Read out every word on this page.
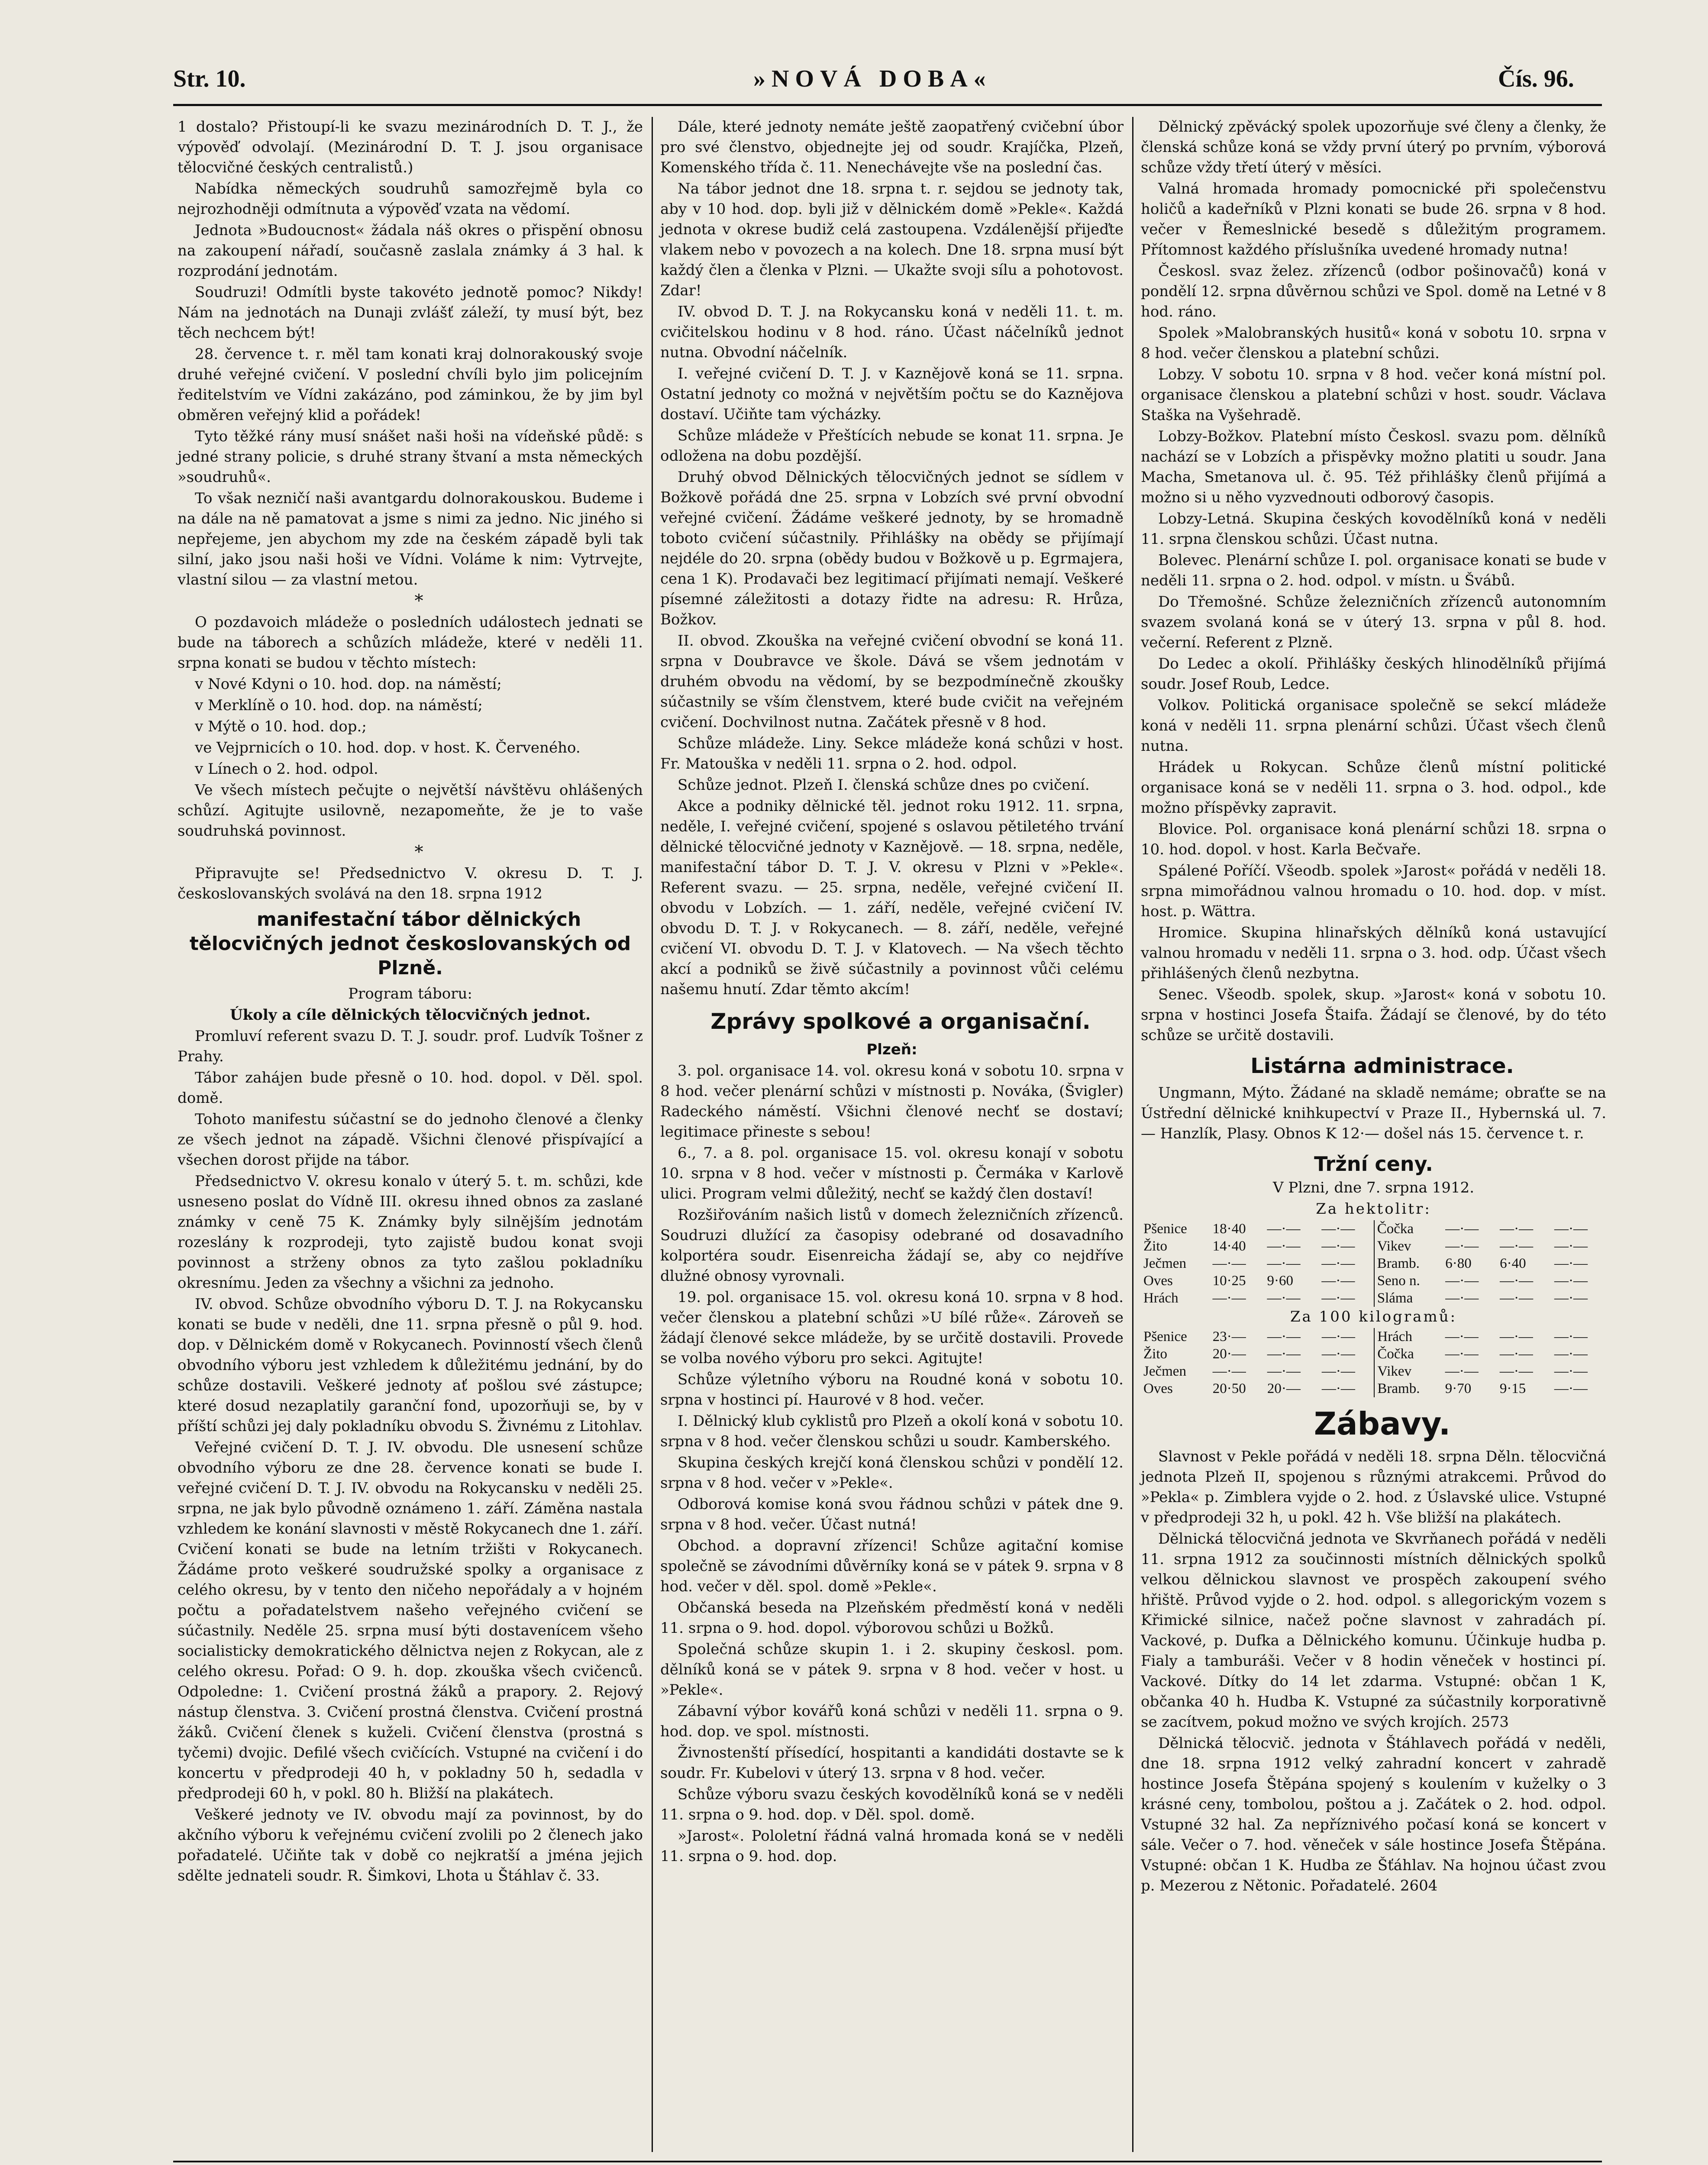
Str. 10.	»NOVÁ DOBA«	Čís. 96.

1 dostalo? Přistoupí-li ke svazu mezinárodních D. T. J., že výpověď odvolají. (Mezinárodní D. T. J. jsou organisace tělocvičné českých centralistů.)

Nabídka německých soudruhů samozřejmě byla co nejrozhodněji odmítnuta a výpověď vzata na vědomí.

Jednota »Budoucnost« žádala náš okres o přispění obnosu na zakoupení nářadí, současně zaslala známky á 3 hal. k rozprodání jednotám.

Soudruzi! Odmítli byste takovéto jednotě pomoc? Nikdy! Nám na jednotách na Dunaji zvlášť záleží, ty musí být, bez těch nechcem být!

28. července t. r. měl tam konati kraj dolnorakouský svoje druhé veřejné cvičení. V poslední chvíli bylo jim policejním ředitelstvím ve Vídni zakázáno, pod záminkou, že by jim byl obměren veřejný klid a pořádek!

Tyto těžké rány musí snášet naši hoši na vídeňské půdě: s jedné strany policie, s druhé strany štvaní a msta německých »soudruhů«.

To však nezničí naši avantgardu dolnorakouskou. Budeme i na dále na ně pamatovat a jsme s nimi za jedno. Nic jiného si nepřejeme, jen abychom my zde na českém západě byli tak silní, jako jsou naši hoši ve Vídni. Voláme k nim: Vytrvejte, vlastní silou — za vlastní metou.

*

O pozdavoich mládeže o posledních událostech jednati se bude na táborech a schůzích mládeže, které v neděli 11. srpna konati se budou v těchto místech:

v Nové Kdyni o 10. hod. dop. na náměstí;

v Merklíně o 10. hod. dop. na náměstí;

v Mýtě o 10. hod. dop.;

ve Vejprnicích o 10. hod. dop. v host. K. Červeného.

v Línech o 2. hod. odpol.

Ve všech místech pečujte o největší návštěvu ohlášených schůzí. Agitujte usilovně, nezapomeňte, že je to vaše soudruhská povinnost.

*

Připravujte se! Předsednictvo V. okresu D. T. J. českoslovanských svolává na den 18. srpna 1912

manifestační tábor dělnických tělocvičných jednot českoslovanských od Plzně.

Program táboru:

Úkoly a cíle dělnických tělocvičných jednot.

Promluví referent svazu D. T. J. soudr. prof. Ludvík Tošner z Prahy.

Tábor zahájen bude přesně o 10. hod. dopol. v Děl. spol. domě.

Tohoto manifestu súčastní se do jednoho členové a členky ze všech jednot na západě. Všichni členové přispívající a všechen dorost přijde na tábor.

Předsednictvo V. okresu konalo v úterý 5. t. m. schůzi, kde usneseno poslat do Vídně III. okresu ihned obnos za zaslané známky v ceně 75 K. Známky byly silnějším jednotám rozeslány k rozprodeji, tyto zajistě budou konat svoji povinnost a strženy obnos za tyto zašlou pokladníku okresnímu. Jeden za všechny a všichni za jednoho.

IV. obvod. Schůze obvodního výboru D. T. J. na Rokycansku konati se bude v neděli, dne 11. srpna přesně o půl 9. hod. dop. v Dělnickém domě v Rokycanech. Povinností všech členů obvodního výboru jest vzhledem k důležitému jednání, by do schůze dostavili. Veškeré jednoty ať pošlou své zástupce; které dosud nezaplatily garanční fond, upozorňuji se, by v příští schůzi jej daly pokladníku obvodu S. Živnému z Litohlav.

Veřejné cvičení D. T. J. IV. obvodu. Dle usnesení schůze obvodního výboru ze dne 28. července konati se bude I. veřejné cvičení D. T. J. IV. obvodu na Rokycansku v neděli 25. srpna, ne jak bylo původně oznámeno 1. září. Záměna nastala vzhledem ke konání slavnosti v městě Rokycanech dne 1. září. Cvičení konati se bude na letním tržišti v Rokycanech. Žádáme proto veškeré soudružské spolky a organisace z celého okresu, by v tento den ničeho nepořádaly a v hojném počtu a pořadatelstvem našeho veřejného cvičení se súčastnily. Neděle 25. srpna musí býti dostavenícem všeho socialisticky demokratického dělnictva nejen z Rokycan, ale z celého okresu. Pořad: O 9. h. dop. zkouška všech cvičenců. Odpoledne: 1. Cvičení prostná žáků a prapory. 2. Rejový nástup členstva. 3. Cvičení prostná členstva. Cvičení prostná žáků. Cvičení členek s kuželi. Cvičení členstva (prostná s tyčemi) dvojic. Defilé všech cvičících. Vstupné na cvičení i do koncertu v předprodeji 40 h, v pokladny 50 h, sedadla v předprodeji 60 h, v pokl. 80 h. Bližší na plakátech.

Veškeré jednoty ve IV. obvodu mají za povinnost, by do akčního výboru k veřejnému cvičení zvolili po 2 členech jako pořadatelé. Učiňte tak v době co nejkratší a jména jejich sdělte jednateli soudr. R. Šimkovi, Lhota u Štáhlav č. 33.

Dále, které jednoty nemáte ještě zaopatřený cvičební úbor pro své členstvo, objednejte jej od soudr. Krajíčka, Plzeň, Komenského třída č. 11. Nenechávejte vše na poslední čas.

Na tábor jednot dne 18. srpna t. r. sejdou se jednoty tak, aby v 10 hod. dop. byli již v dělnickém domě »Pekle«. Každá jednota v okrese budiž celá zastoupena. Vzdálenější přijeďte vlakem nebo v povozech a na kolech. Dne 18. srpna musí být každý člen a členka v Plzni. — Ukažte svoji sílu a pohotovost. Zdar!

IV. obvod D. T. J. na Rokycansku koná v neděli 11. t. m. cvičitelskou hodinu v 8 hod. ráno. Účast náčelníků jednot nutna. Obvodní náčelník.

I. veřejné cvičení D. T. J. v Kaznějově koná se 11. srpna. Ostatní jednoty co možná v největším počtu se do Kaznějova dostaví. Učiňte tam výcházky.

Schůze mládeže v Přeštících nebude se konat 11. srpna. Je odložena na dobu pozdější.

Druhý obvod Dělnických tělocvičných jednot se sídlem v Božkově pořádá dne 25. srpna v Lobzích své první obvodní veřejné cvičení. Žádáme veškeré jednoty, by se hromadně toboto cvičení súčastnily. Přihlášky na obědy se přijímají nejdéle do 20. srpna (obědy budou v Božkově u p. Egrmajera, cena 1 K). Prodavači bez legitimací přijímati nemají. Veškeré písemné záležitosti a dotazy řidte na adresu: R. Hrůza, Božkov.

II. obvod. Zkouška na veřejné cvičení obvodní se koná 11. srpna v Doubravce ve škole. Dává se všem jednotám v druhém obvodu na vědomí, by se bezpodmínečně zkoušky súčastnily se vším členstvem, které bude cvičit na veřejném cvičení. Dochvilnost nutna. Začátek přesně v 8 hod.

Schůze mládeže. Liny. Sekce mládeže koná schůzi v host. Fr. Matouška v neděli 11. srpna o 2. hod. odpol.

Schůze jednot. Plzeň I. členská schůze dnes po cvičení.

Akce a podniky dělnické těl. jednot roku 1912. 11. srpna, neděle, I. veřejné cvičení, spojené s oslavou pětiletého trvání dělnické tělocvičné jednoty v Kaznějově. — 18. srpna, neděle, manifestační tábor D. T. J. V. okresu v Plzni v »Pekle«. Referent svazu. — 25. srpna, neděle, veřejné cvičení II. obvodu v Lobzích. — 1. září, neděle, veřejné cvičení IV. obvodu D. T. J. v Rokycanech. — 8. září, neděle, veřejné cvičení VI. obvodu D. T. J. v Klatovech. — Na všech těchto akcí a podniků se živě súčastnily a povinnost vůči celému našemu hnutí. Zdar těmto akcím!

Zprávy spolkové a organisační.

Plzeň:

3. pol. organisace 14. vol. okresu koná v sobotu 10. srpna v 8 hod. večer plenární schůzi v místnosti p. Nováka, (Švigler) Radeckého náměstí. Všichni členové nechť se dostaví; legitimace přineste s sebou!

6., 7. a 8. pol. organisace 15. vol. okresu konají v sobotu 10. srpna v 8 hod. večer v místnosti p. Čermáka v Karlově ulici. Program velmi důležitý, nechť se každý člen dostaví!

Rozšiřováním našich listů v domech železničních zřízenců. Soudruzi dlužící za časopisy odebrané od dosavadního kolportéra soudr. Eisenreicha žádají se, aby co nejdříve dlužné obnosy vyrovnali.

19. pol. organisace 15. vol. okresu koná 10. srpna v 8 hod. večer členskou a platební schůzi »U bílé růže«. Zároveň se žádají členové sekce mládeže, by se určitě dostavili. Provede se volba nového výboru pro sekci. Agitujte!

Schůze výletního výboru na Roudné koná v sobotu 10. srpna v hostinci pí. Haurové v 8 hod. večer.

I. Dělnický klub cyklistů pro Plzeň a okolí koná v sobotu 10. srpna v 8 hod. večer členskou schůzi u soudr. Kamberského.

Skupina českých krejčí koná členskou schůzi v pondělí 12. srpna v 8 hod. večer v »Pekle«.

Odborová komise koná svou řádnou schůzi v pátek dne 9. srpna v 8 hod. večer. Účast nutná!

Obchod. a dopravní zřízenci! Schůze agitační komise společně se závodními důvěrníky koná se v pátek 9. srpna v 8 hod. večer v děl. spol. domě »Pekle«.

Občanská beseda na Plzeňském předměstí koná v neděli 11. srpna o 9. hod. dopol. výborovou schůzi u Božků.

Společná schůze skupin 1. i 2. skupiny českosl. pom. dělníků koná se v pátek 9. srpna v 8 hod. večer v host. u »Pekle«.

Zábavní výbor kovářů koná schůzi v neděli 11. srpna o 9. hod. dop. ve spol. místnosti.

Živnostenští přísedící, hospitanti a kandidáti dostavte se k soudr. Fr. Kubelovi v úterý 13. srpna v 8 hod. večer.

Schůze výboru svazu českých kovodělníků koná se v neděli 11. srpna o 9. hod. dop. v Děl. spol. domě.

»Jarost«. Pololetní řádná valná hromada koná se v neděli 11. srpna o 9. hod. dop.

Dělnický zpěvácký spolek upozorňuje své členy a členky, že členská schůze koná se vždy první úterý po prvním, výborová schůze vždy třetí úterý v měsíci.

Valná hromada hromady pomocnické při společenstvu holičů a kadeřníků v Plzni konati se bude 26. srpna v 8 hod. večer v Řemeslnické besedě s důležitým programem. Přítomnost každého příslušníka uvedené hromady nutna!

Českosl. svaz želez. zřízenců (odbor pošinovačů) koná v pondělí 12. srpna důvěrnou schůzi ve Spol. domě na Letné v 8 hod. ráno.

Spolek »Malobranských husitů« koná v sobotu 10. srpna v 8 hod. večer členskou a platební schůzi.

Lobzy. V sobotu 10. srpna v 8 hod. večer koná místní pol. organisace členskou a platební schůzi v host. soudr. Václava Staška na Vyšehradě.

Lobzy-Božkov. Platební místo Českosl. svazu pom. dělníků nachází se v Lobzích a přispěvky možno platiti u soudr. Jana Macha, Smetanova ul. č. 95. Též přihlášky členů přijímá a možno si u něho vyzvednouti odborový časopis.

Lobzy-Letná. Skupina českých kovodělníků koná v neděli 11. srpna členskou schůzi. Účast nutna.

Bolevec. Plenární schůze I. pol. organisace konati se bude v neděli 11. srpna o 2. hod. odpol. v místn. u Švábů.

Do Třemošné. Schůze železničních zřízenců autonomním svazem svolaná koná se v úterý 13. srpna v půl 8. hod. večerní. Referent z Plzně.

Do Ledec a okolí. Přihlášky českých hlinodělníků přijímá soudr. Josef Roub, Ledce.

Volkov. Politická organisace společně se sekcí mládeže koná v neděli 11. srpna plenární schůzi. Účast všech členů nutna.

Hrádek u Rokycan. Schůze členů místní politické organisace koná se v neděli 11. srpna o 3. hod. odpol., kde možno příspěvky zapravit.

Blovice. Pol. organisace koná plenární schůzi 18. srpna o 10. hod. dopol. v host. Karla Bečvaře.

Spálené Poříčí. Všeodb. spolek »Jarost« pořádá v neděli 18. srpna mimořádnou valnou hromadu o 10. hod. dop. v míst. host. p. Wättra.

Hromice. Skupina hlinařských dělníků koná ustavující valnou hromadu v neděli 11. srpna o 3. hod. odp. Účast všech přihlášených členů nezbytna.

Senec. Všeodb. spolek, skup. »Jarost« koná v sobotu 10. srpna v hostinci Josefa Štaifa. Žádají se členové, by do této schůze se určitě dostavili.

Listárna administrace.

Ungmann, Mýto. Žádané na skladě nemáme; obraťte se na Ústřední dělnické knihkupectví v Praze II., Hybernská ul. 7. — Hanzlík, Plasy. Obnos K 12·— došel nás 15. července t. r.

Tržní ceny.

V Plzni, dne 7. srpna 1912.

Za hektolitr:

Pšenice	18·40	—·—	—·—	Čočka	—·—	—·—	—·—
Žito	14·40	—·—	—·—	Vikev	—·—	—·—	—·—
Ječmen	—·—	—·—	—·—	Bramb.	6·80	6·40	—·—
Oves	10·25	9·60	—·—	Seno n.	—·—	—·—	—·—
Hrách	—·—	—·—	—·—	Sláma	—·—	—·—	—·—

Za 100 kilogramů:

Pšenice	23·—	—·—	—·—	Hrách	—·—	—·—	—·—
Žito	20·—	—·—	—·—	Čočka	—·—	—·—	—·—
Ječmen	—·—	—·—	—·—	Vikev	—·—	—·—	—·—
Oves	20·50	20·—	—·—	Bramb.	9·70	9·15	—·—

Zábavy.

Slavnost v Pekle pořádá v neděli 18. srpna Děln. tělocvičná jednota Plzeň II, spojenou s různými atrakcemi. Průvod do »Pekla« p. Zimblera vyjde o 2. hod. z Úslavské ulice. Vstupné v předprodeji 32 h, u pokl. 42 h. Vše bližší na plakátech.

Dělnická tělocvičná jednota ve Skvrňanech pořádá v neděli 11. srpna 1912 za součinnosti místních dělnických spolků velkou dělnickou slavnost ve prospěch zakoupení svého hřiště. Průvod vyjde o 2. hod. odpol. s allegorickým vozem s Křimické silnice, načež počne slavnost v zahradách pí. Vackové, p. Dufka a Dělnického komunu. Účinkuje hudba p. Fialy a tamburáši. Večer v 8 hodin věneček v hostinci pí. Vackové. Dítky do 14 let zdarma. Vstupné: občan 1 K, občanka 40 h. Hudba K. Vstupné za súčastnily korporativně se zacítvem, pokud možno ve svých krojích. 2573

Dělnická tělocvič. jednota v Štáhlavech pořádá v neděli, dne 18. srpna 1912 velký zahradní koncert v zahradě hostince Josefa Štěpána spojený s koulením v kuželky o 3 krásné ceny, tombolou, poštou a j. Začátek o 2. hod. odpol. Vstupné 32 hal. Za nepříznivého počasí koná se koncert v sále. Večer o 7. hod. věneček v sále hostince Josefa Štěpána. Vstupné: občan 1 K. Hudba ze Šťáhlav. Na hojnou účast zvou p. Mezerou z Nětonic. Pořadatelé. 2604
